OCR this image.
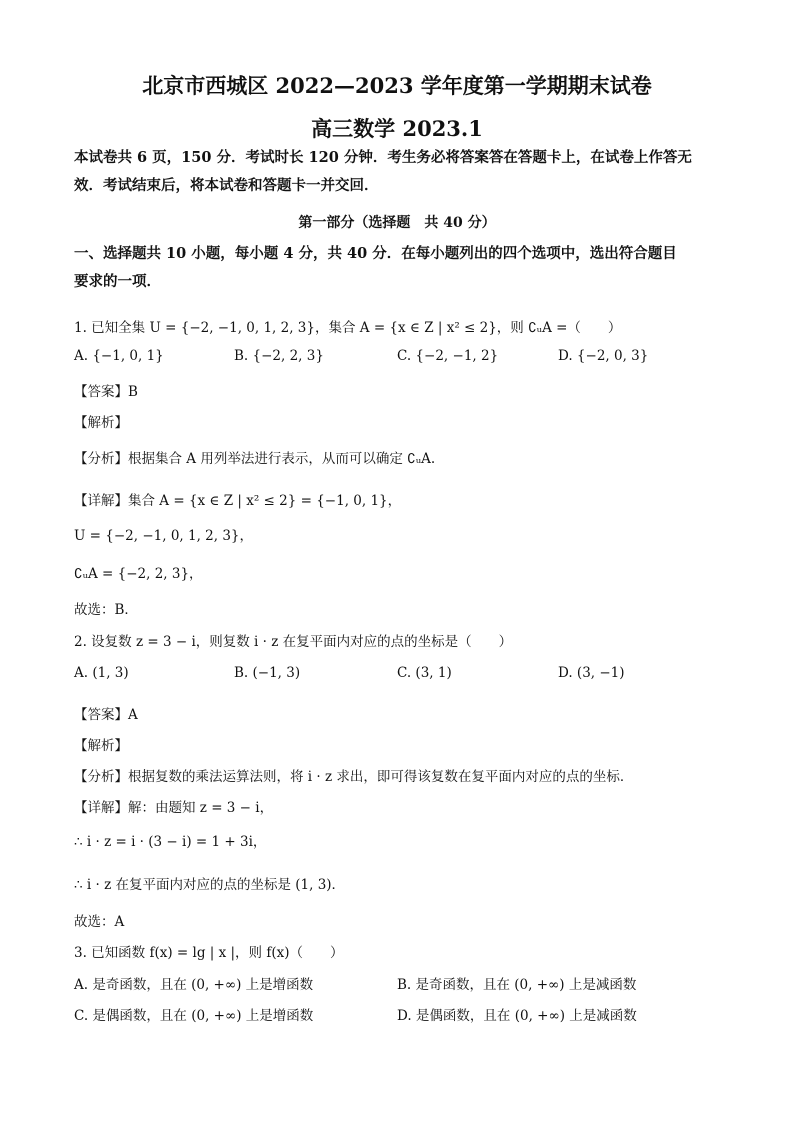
北京市西城区 2022—2023 学年度第一学期期末试卷
高三数学 2023.1
本试卷共 6 页，150 分．考试时长 120 分钟．考生务必将答案答在答题卡上，在试卷上作答无
效．考试结束后，将本试卷和答题卡一并交回．
第一部分（选择题　共 40 分）
一、选择题共 10 小题，每小题 4 分，共 40 分．在每小题列出的四个选项中，选出符合题目
要求的一项．
1. 已知全集 U = {−2, −1, 0, 1, 2, 3}，集合 A = {x ∈ Z | x² ≤ 2}，则 ∁ᵤA =（　　）
A. {−1, 0, 1}	B. {−2, 2, 3}	C. {−2, −1, 2}	D. {−2, 0, 3}
【答案】B
【解析】
【分析】根据集合 A 用列举法进行表示，从而可以确定 ∁ᵤA.
【详解】集合 A = {x ∈ Z | x² ≤ 2} = {−1, 0, 1}，
U = {−2, −1, 0, 1, 2, 3}，
∁ᵤA = {−2, 2, 3}，
故选：B．
2. 设复数 z = 3 − i，则复数 i · z 在复平面内对应的点的坐标是（　　）
A. (1, 3)	B. (−1, 3)	C. (3, 1)	D. (3, −1)
【答案】A
【解析】
【分析】根据复数的乘法运算法则，将 i · z 求出，即可得该复数在复平面内对应的点的坐标．
【详解】解：由题知 z = 3 − i，
∴ i · z = i · (3 − i) = 1 + 3i，
∴ i · z 在复平面内对应的点的坐标是 (1, 3)．
故选：A
3. 已知函数 f(x) = lg | x |，则 f(x)（　　）
A. 是奇函数，且在 (0, +∞) 上是增函数	B. 是奇函数，且在 (0, +∞) 上是减函数
C. 是偶函数，且在 (0, +∞) 上是增函数	D. 是偶函数，且在 (0, +∞) 上是减函数
